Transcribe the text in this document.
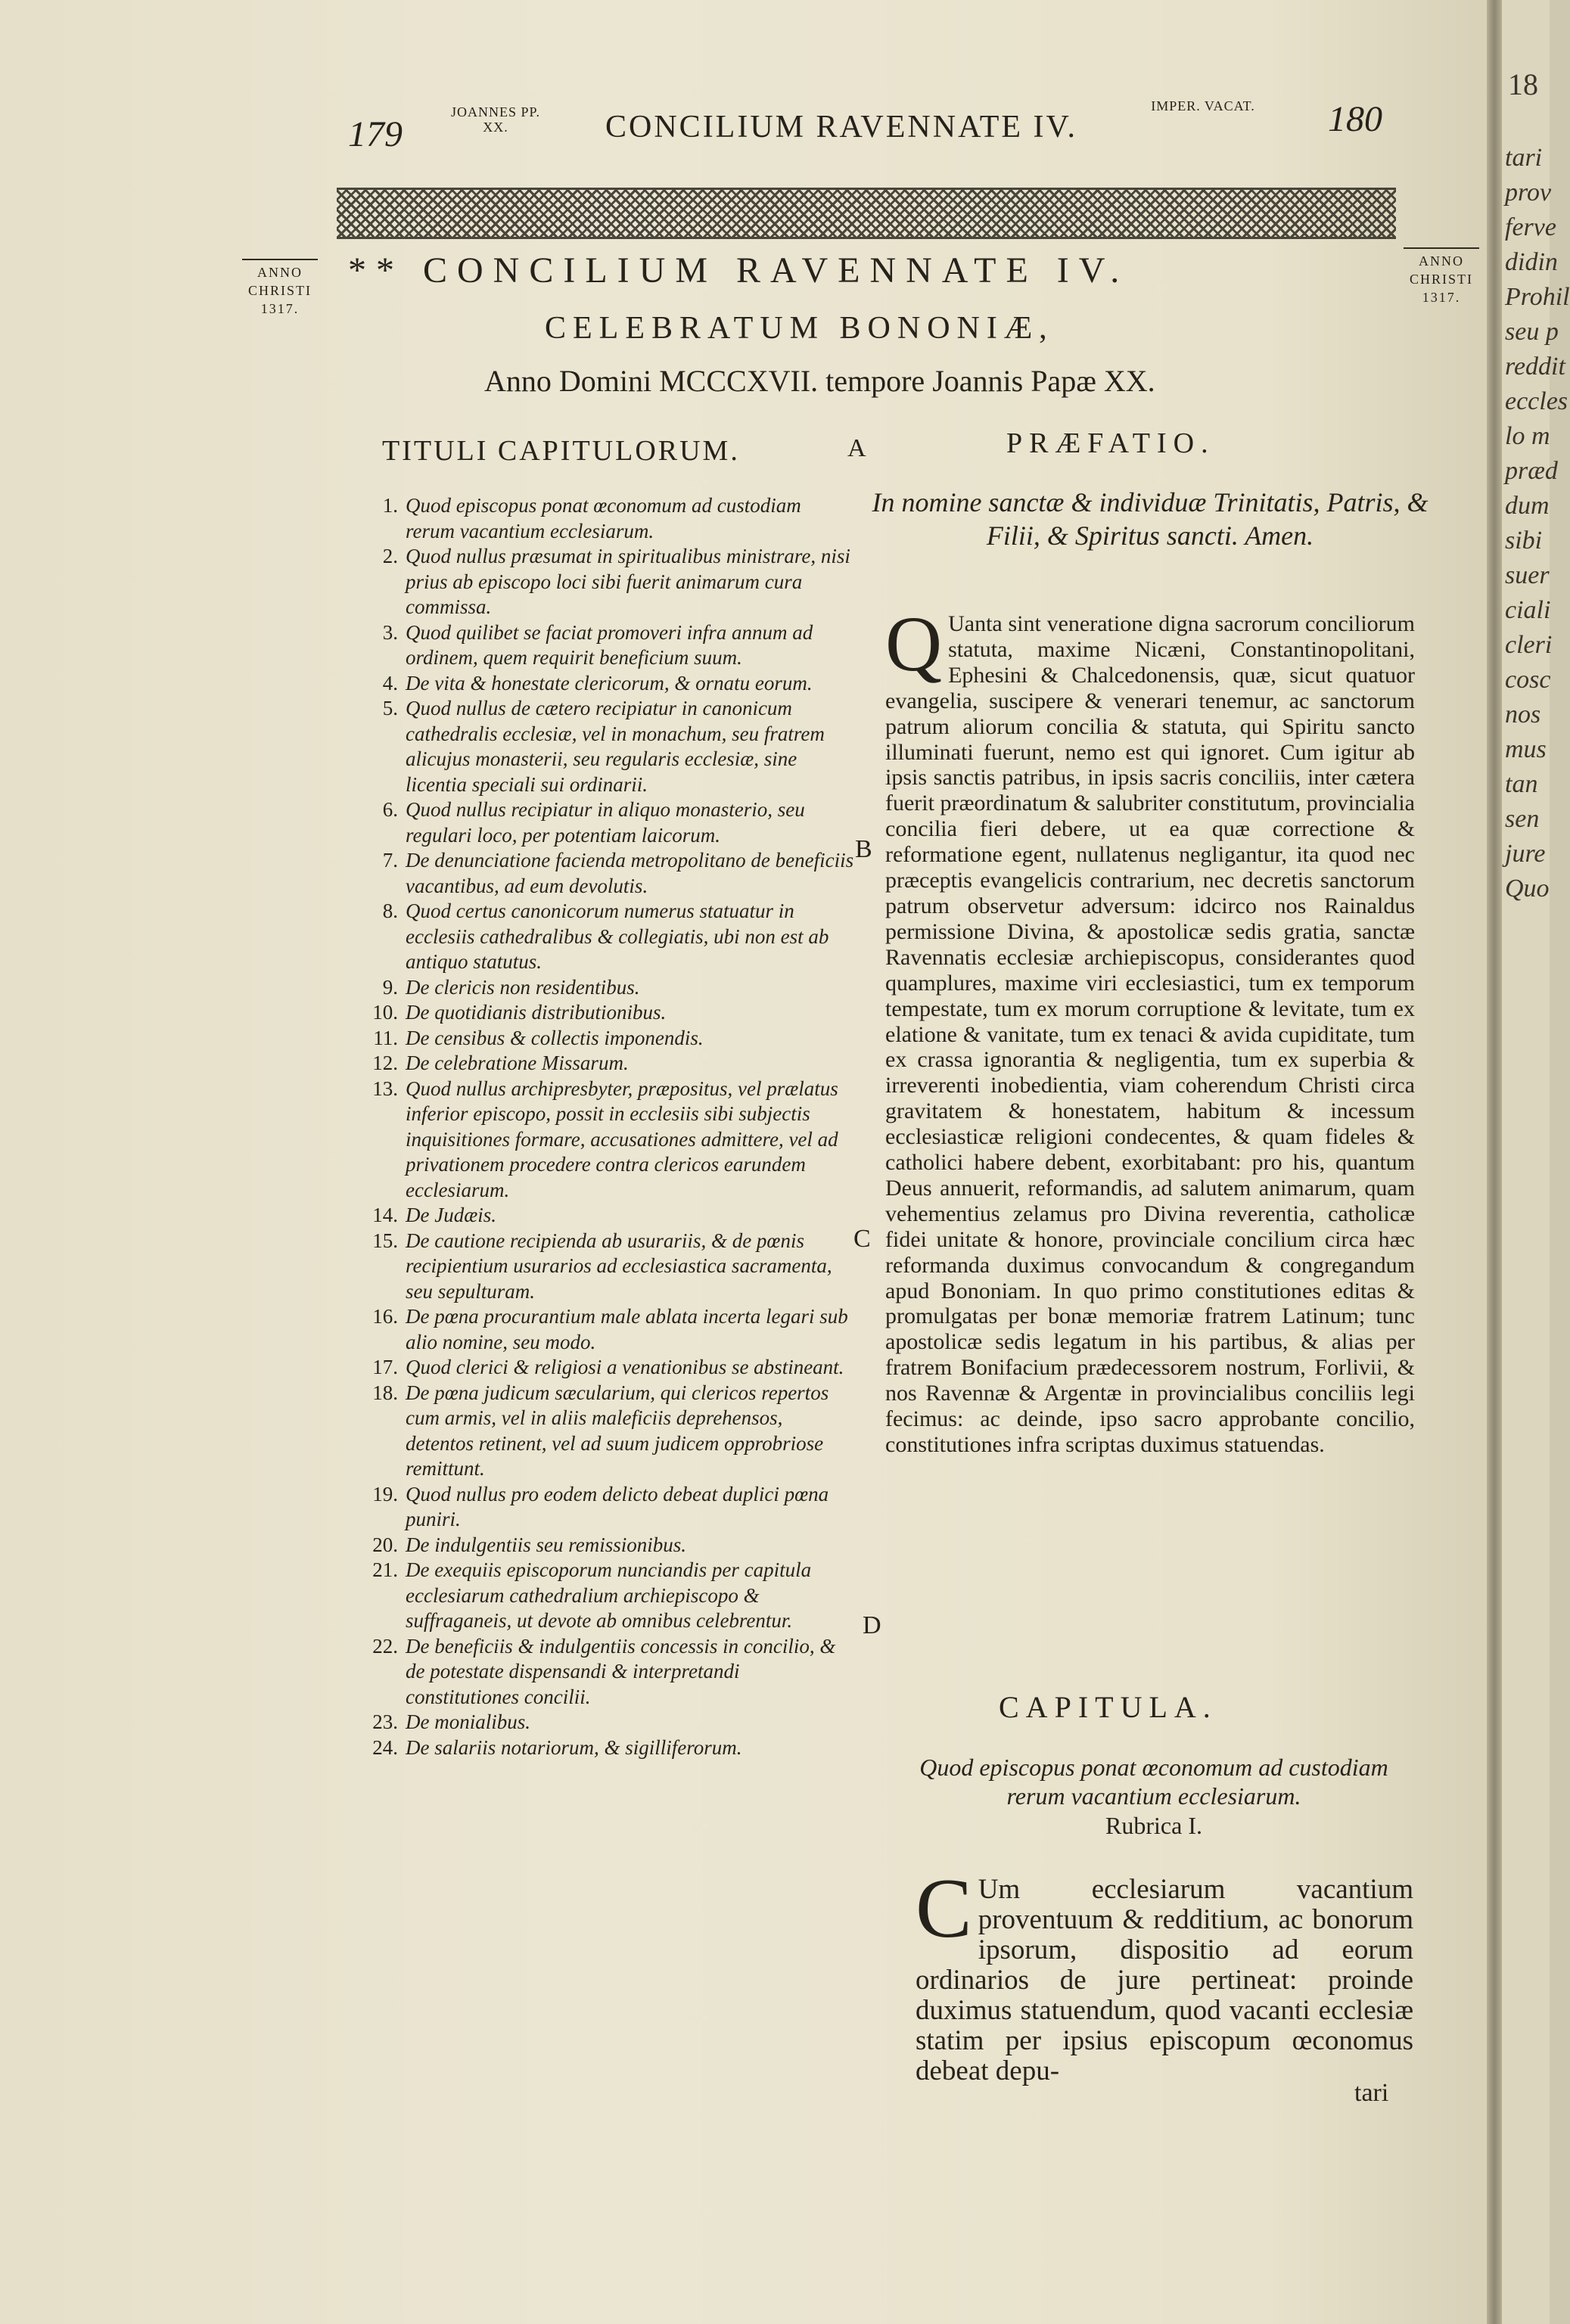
179
JOANNES PP. XX.	CONCILIUM RAVENNATE IV.
IMPER. VACAT. 180
ANNO CHRISTI
1317.
ANNO CHRISTI
1317.
** CONCILIUM RAVENNATE IV.
CELEBRATUM BONONIÆ,
Anno Domini MCCCXVII. tempore Joannis Papæ XX.
TITULI CAPITULORUM.	A	PRÆFATIO.
1. Quod episcopus ponat œconomum ad custodiam rerum vacantium ecclesiarum.
2. Quod nullus præsumat in spiritualibus ministrare, nisi prius ab episcopo loci sibi fuerit animarum cura commissa.
3. Quod quilibet se faciat promoveri infra annum ad ordinem, quem requirit beneficium suum.
4. De vita & honestate clericorum, & ornatu eorum.
5. Quod nullus de cætero recipiatur in canonicum cathedralis ecclesiæ, vel in monachum, seu fratrem alicujus monasterii, seu regularis ecclesiæ, sine licentia speciali sui ordinarii.
6. Quod nullus recipiatur in aliquo monasterio, seu regulari loco, per potentiam laicorum.
7. De denunciatione facienda metropolitano de beneficiis vacantibus, ad eum devolutis.
8. Quod certus canonicorum numerus statuatur in ecclesiis cathedralibus & collegiatis, ubi non est ab antiquo statutus.
9. De clericis non residentibus.
10. De quotidianis distributionibus.
11. De censibus & collectis imponendis.
12. De celebratione Missarum.
13. Quod nullus archipresbyter, præpositus, vel prælatus inferior episcopo, possit in ecclesiis sibi subjectis inquisitiones formare, accusationes admittere, vel ad privationem procedere contra clericos earundem ecclesiarum.
14. De Judæis.
15. De cautione recipienda ab usurariis, & de pœnis recipientium usurarios ad ecclesiastica sacramenta, seu sepulturam.
16. De pœna procurantium male ablata incerta legari sub alio nomine, seu modo.
17. Quod clerici & religiosi a venationibus se abstineant.
18. De pœna judicum sæcularium, qui clericos repertos cum armis, vel in aliis maleficiis deprehensos, detentos retinent, vel ad suum judicem opprobriose remittunt.
19. Quod nullus pro eodem delicto debeat duplici pœna puniri.
20. De indulgentiis seu remissionibus.
21. De exequiis episcoporum nunciandis per capitula ecclesiarum cathedralium archiepiscopo & suffraganeis, ut devote ab omnibus celebrentur.
22. De beneficiis & indulgentiis concessis in concilio, & de potestate dispensandi & interpretandi constitutiones concilii.
23. De monialibus.
24. De salariis notariorum, & sigilliferorum.
B
C
D
In nomine sanctæ & individuæ Trinitatis, Patris, & Filii, & Spiritus sancti. Amen.
Q Uanta sint veneratione digna sacrorum conciliorum statuta, maxime Nicæni, Constantinopolitani, Ephesini & Chalcedonensis, quæ, sicut quatuor evangelia, suscipere & venerari tenemur, ac sanctorum patrum aliorum concilia & statuta, qui Spiritu sancto illuminati fuerunt, nemo est qui ignoret. Cum igitur ab ipsis sanctis patribus, in ipsis sacris conciliis, inter cætera fuerit præordinatum & salubriter constitutum, provincialia concilia fieri debere, ut ea quæ correctione & reformatione egent, nullatenus negligantur, ita quod nec præceptis evangelicis contrarium, nec decretis sanctorum patrum observetur adversum: idcirco nos Rainaldus permissione Divina, & apostolicæ sedis gratia, sanctæ Ravennatis ecclesiæ archiepiscopus, considerantes quod quamplures, maxime viri ecclesiastici, tum ex temporum tempestate, tum ex morum corruptione & levitate, tum ex elatione & vanitate, tum ex tenaci & avida cupiditate, tum ex crassa ignorantia & negligentia, tum ex superbia & irreverenti inobedientia, viam coherendum Christi circa gravitatem & honestatem, habitum & incessum ecclesiasticæ religioni condecentes, & quam fideles & catholici habere debent, exorbitabant: pro his, quantum Deus annuerit, reformandis, ad salutem animarum, quam vehementius zelamus pro Divina reverentia, catholicæ fidei unitate & honore, provinciale concilium circa hæc reformanda duximus convocandum & congregandum apud Bononiam. In quo primo constitutiones editas & promulgatas per bonæ memoriæ fratrem Latinum; tunc apostolicæ sedis legatum in his partibus, & alias per fratrem Bonifacium prædecessorem nostrum, Forlivii, & nos Ravennæ & Argentæ in provincialibus conciliis legi fecimus: ac deinde, ipso sacro approbante concilio, constitutiones infra scriptas duximus statuendas.
CAPITULA.
Quod episcopus ponat œconomum ad custodiam rerum vacantium ecclesiarum.
Rubrica I.
C Um ecclesiarum vacantium proventuum & redditium, ac bonorum ipsorum, dispositio ad eorum ordinarios de jure pertineat: proinde duximus statuendum, quod vacanti ecclesiæ statim per ipsius episcopum œconomus debeat depu-
tari
18
tari
prov
ferve
didin
Prohil
seu p
reddit
eccles
lo m
præd
dum
sibi
suer
ciali
cleri
cosc
nos
mus
tan
sen
jure
Quo
